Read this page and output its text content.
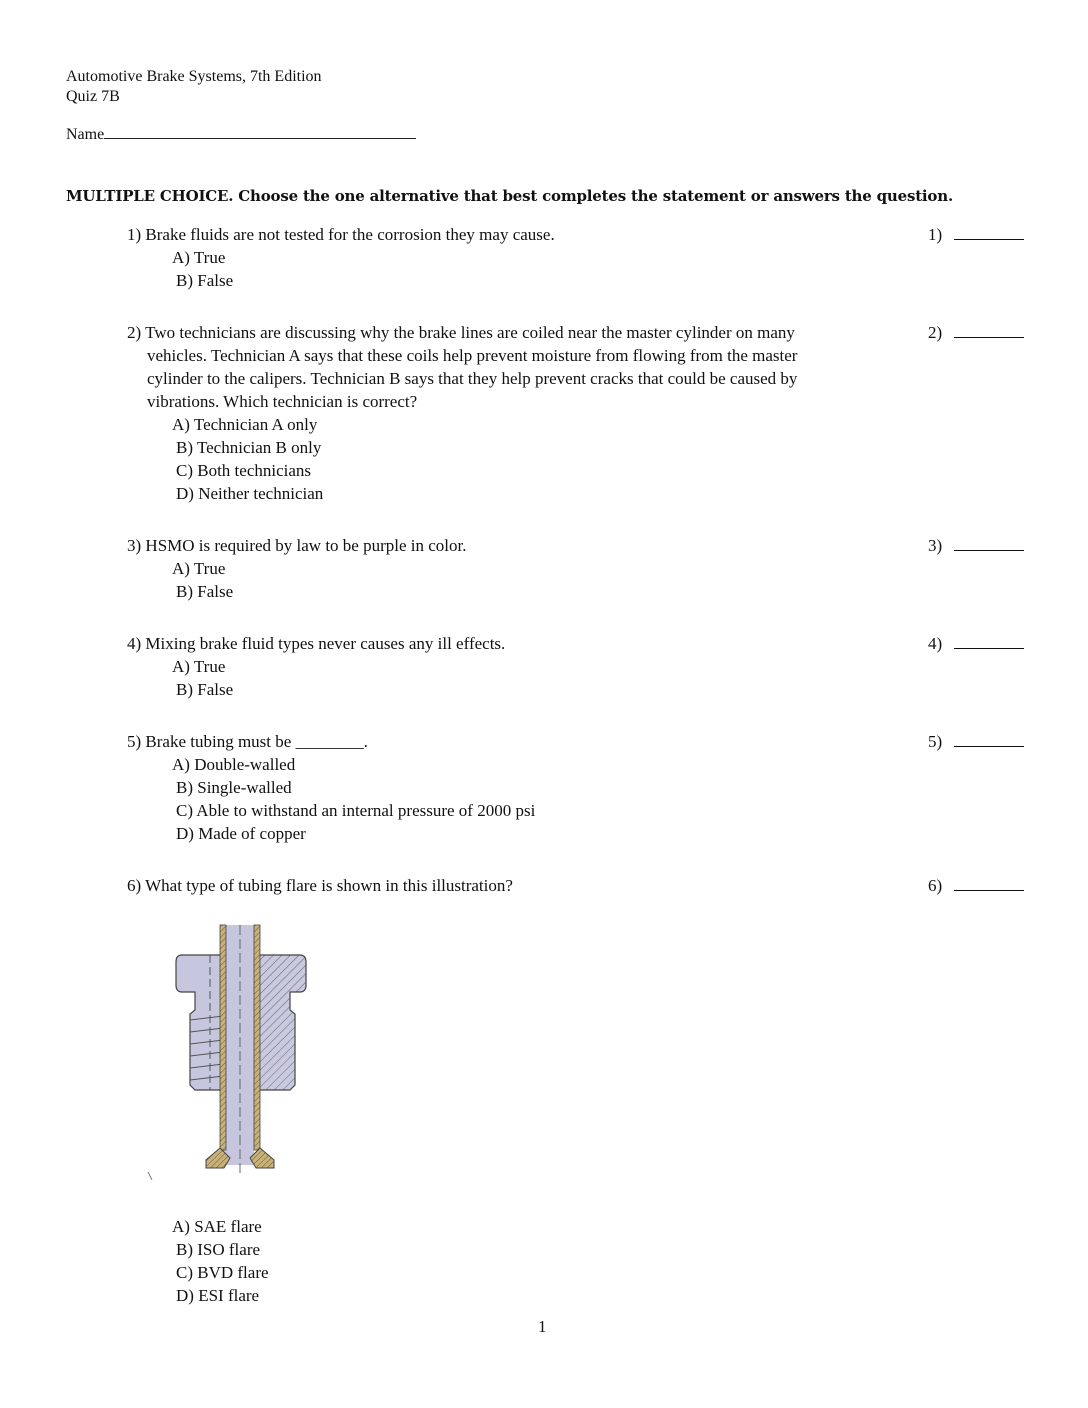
Automotive Brake Systems, 7th Edition
Quiz 7B
Name
MULTIPLE CHOICE. Choose the one alternative that best completes the statement or answers the question.
1) Brake fluids are not tested for the corrosion they may cause.
A) True
B) False
1)
2) Two technicians are discussing why the brake lines are coiled near the master cylinder on many
vehicles. Technician A says that these coils help prevent moisture from flowing from the master
cylinder to the calipers. Technician B says that they help prevent cracks that could be caused by
vibrations. Which technician is correct?
A) Technician A only
B) Technician B only
C) Both technicians
D) Neither technician
2)
3) HSMO is required by law to be purple in color.
A) True
B) False
3)
4) Mixing brake fluid types never causes any ill effects.
A) True
B) False
4)
5) Brake tubing must be ________.
A) Double-walled
B) Single-walled
C) Able to withstand an internal pressure of 2000 psi
D) Made of copper
5)
6) What type of tubing flare is shown in this illustration?
A) SAE flare
B) ISO flare
C) BVD flare
D) ESI flare
6)
1
